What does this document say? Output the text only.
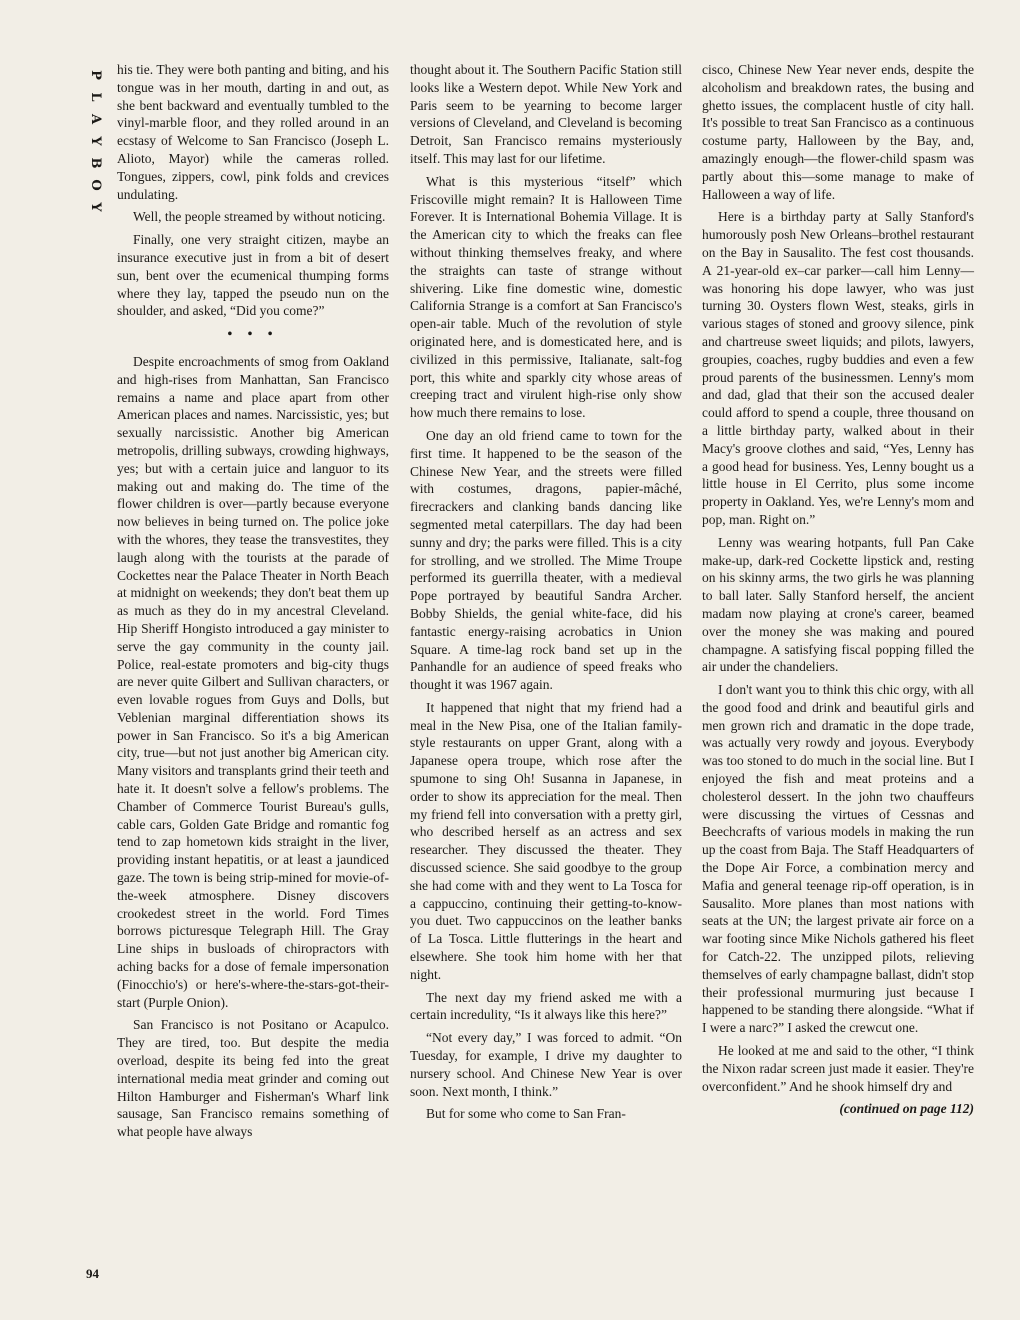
P
L
A
Y
B
O
Y

his tie. They were both panting and biting, and his tongue was in her mouth, darting in and out, as she bent backward and eventually tumbled to the vinyl-marble floor, and they rolled around in an ecstasy of Welcome to San Francisco (Joseph L. Alioto, Mayor) while the cameras rolled. Tongues, zippers, cowl, pink folds and crevices undulating.

Well, the people streamed by without noticing.

Finally, one very straight citizen, maybe an insurance executive just in from a bit of desert sun, bent over the ecumenical thumping forms where they lay, tapped the pseudo nun on the shoulder, and asked, “Did you come?”

• • •

Despite encroachments of smog from Oakland and high-rises from Manhattan, San Francisco remains a name and place apart from other American places and names. Narcissistic, yes; but sexually narcissistic. Another big American metropolis, drilling subways, crowding highways, yes; but with a certain juice and languor to its making out and making do. The time of the flower children is over—partly because everyone now believes in being turned on. The police joke with the whores, they tease the transvestites, they laugh along with the tourists at the parade of Cockettes near the Palace Theater in North Beach at midnight on weekends; they don't beat them up as much as they do in my ancestral Cleveland. Hip Sheriff Hongisto introduced a gay minister to serve the gay community in the county jail. Police, real-estate promoters and big-city thugs are never quite Gilbert and Sullivan characters, or even lovable rogues from Guys and Dolls, but Veblenian marginal differentiation shows its power in San Francisco. So it's a big American city, true—but not just another big American city. Many visitors and transplants grind their teeth and hate it. It doesn't solve a fellow's problems. The Chamber of Commerce Tourist Bureau's gulls, cable cars, Golden Gate Bridge and romantic fog tend to zap hometown kids straight in the liver, providing instant hepatitis, or at least a jaundiced gaze. The town is being strip-mined for movie-of-the-week atmosphere. Disney discovers crookedest street in the world. Ford Times borrows picturesque Telegraph Hill. The Gray Line ships in busloads of chiropractors with aching backs for a dose of female impersonation (Finocchio's) or here's-where-the-stars-got-their-start (Purple Onion).

San Francisco is not Positano or Acapulco. They are tired, too. But despite the media overload, despite its being fed into the great international media meat grinder and coming out Hilton Hamburger and Fisherman's Wharf link sausage, San Francisco remains something of what people have always

thought about it. The Southern Pacific Station still looks like a Western depot. While New York and Paris seem to be yearning to become larger versions of Cleveland, and Cleveland is becoming Detroit, San Francisco remains mysteriously itself. This may last for our lifetime.

What is this mysterious “itself” which Friscoville might remain? It is Halloween Time Forever. It is International Bohemia Village. It is the American city to which the freaks can flee without thinking themselves freaky, and where the straights can taste of strange without shivering. Like fine domestic wine, domestic California Strange is a comfort at San Francisco's open-air table. Much of the revolution of style originated here, and is domesticated here, and is civilized in this permissive, Italianate, salt-fog port, this white and sparkly city whose areas of creeping tract and virulent high-rise only show how much there remains to lose.

One day an old friend came to town for the first time. It happened to be the season of the Chinese New Year, and the streets were filled with costumes, dragons, papier-mâché, firecrackers and clanking bands dancing like segmented metal caterpillars. The day had been sunny and dry; the parks were filled. This is a city for strolling, and we strolled. The Mime Troupe performed its guerrilla theater, with a medieval Pope portrayed by beautiful Sandra Archer. Bobby Shields, the genial white-face, did his fantastic energy-raising acrobatics in Union Square. A time-lag rock band set up in the Panhandle for an audience of speed freaks who thought it was 1967 again.

It happened that night that my friend had a meal in the New Pisa, one of the Italian family-style restaurants on upper Grant, along with a Japanese opera troupe, which rose after the spumone to sing Oh! Susanna in Japanese, in order to show its appreciation for the meal. Then my friend fell into conversation with a pretty girl, who described herself as an actress and sex researcher. They discussed the theater. They discussed science. She said goodbye to the group she had come with and they went to La Tosca for a cappuccino, continuing their getting-to-know-you duet. Two cappuccinos on the leather banks of La Tosca. Little flutterings in the heart and elsewhere. She took him home with her that night.

The next day my friend asked me with a certain incredulity, “Is it always like this here?”

“Not every day,” I was forced to admit. “On Tuesday, for example, I drive my daughter to nursery school. And Chinese New Year is over soon. Next month, I think.”

But for some who come to San Fran-

cisco, Chinese New Year never ends, despite the alcoholism and breakdown rates, the busing and ghetto issues, the complacent hustle of city hall. It's possible to treat San Francisco as a continuous costume party, Halloween by the Bay, and, amazingly enough—the flower-child spasm was partly about this—some manage to make of Halloween a way of life.

Here is a birthday party at Sally Stanford's humorously posh New Orleans–brothel restaurant on the Bay in Sausalito. The fest cost thousands. A 21-year-old ex–car parker—call him Lenny—was honoring his dope lawyer, who was just turning 30. Oysters flown West, steaks, girls in various stages of stoned and groovy silence, pink and chartreuse sweet liquids; and pilots, lawyers, groupies, coaches, rugby buddies and even a few proud parents of the businessmen. Lenny's mom and dad, glad that their son the accused dealer could afford to spend a couple, three thousand on a little birthday party, walked about in their Macy's groove clothes and said, “Yes, Lenny has a good head for business. Yes, Lenny bought us a little house in El Cerrito, plus some income property in Oakland. Yes, we're Lenny's mom and pop, man. Right on.”

Lenny was wearing hotpants, full Pan Cake make-up, dark-red Cockette lipstick and, resting on his skinny arms, the two girls he was planning to ball later. Sally Stanford herself, the ancient madam now playing at crone's career, beamed over the money she was making and poured champagne. A satisfying fiscal popping filled the air under the chandeliers.

I don't want you to think this chic orgy, with all the good food and drink and beautiful girls and men grown rich and dramatic in the dope trade, was actually very rowdy and joyous. Everybody was too stoned to do much in the social line. But I enjoyed the fish and meat proteins and a cholesterol dessert. In the john two chauffeurs were discussing the virtues of Cessnas and Beechcrafts of various models in making the run up the coast from Baja. The Staff Headquarters of the Dope Air Force, a combination mercy and Mafia and general teenage rip-off operation, is in Sausalito. More planes than most nations with seats at the UN; the largest private air force on a war footing since Mike Nichols gathered his fleet for Catch-22. The unzipped pilots, relieving themselves of early champagne ballast, didn't stop their professional murmuring just because I happened to be standing there alongside. “What if I were a narc?” I asked the crewcut one.

He looked at me and said to the other, “I think the Nixon radar screen just made it easier. They're overconfident.” And he shook himself dry and

(continued on page 112)
94
